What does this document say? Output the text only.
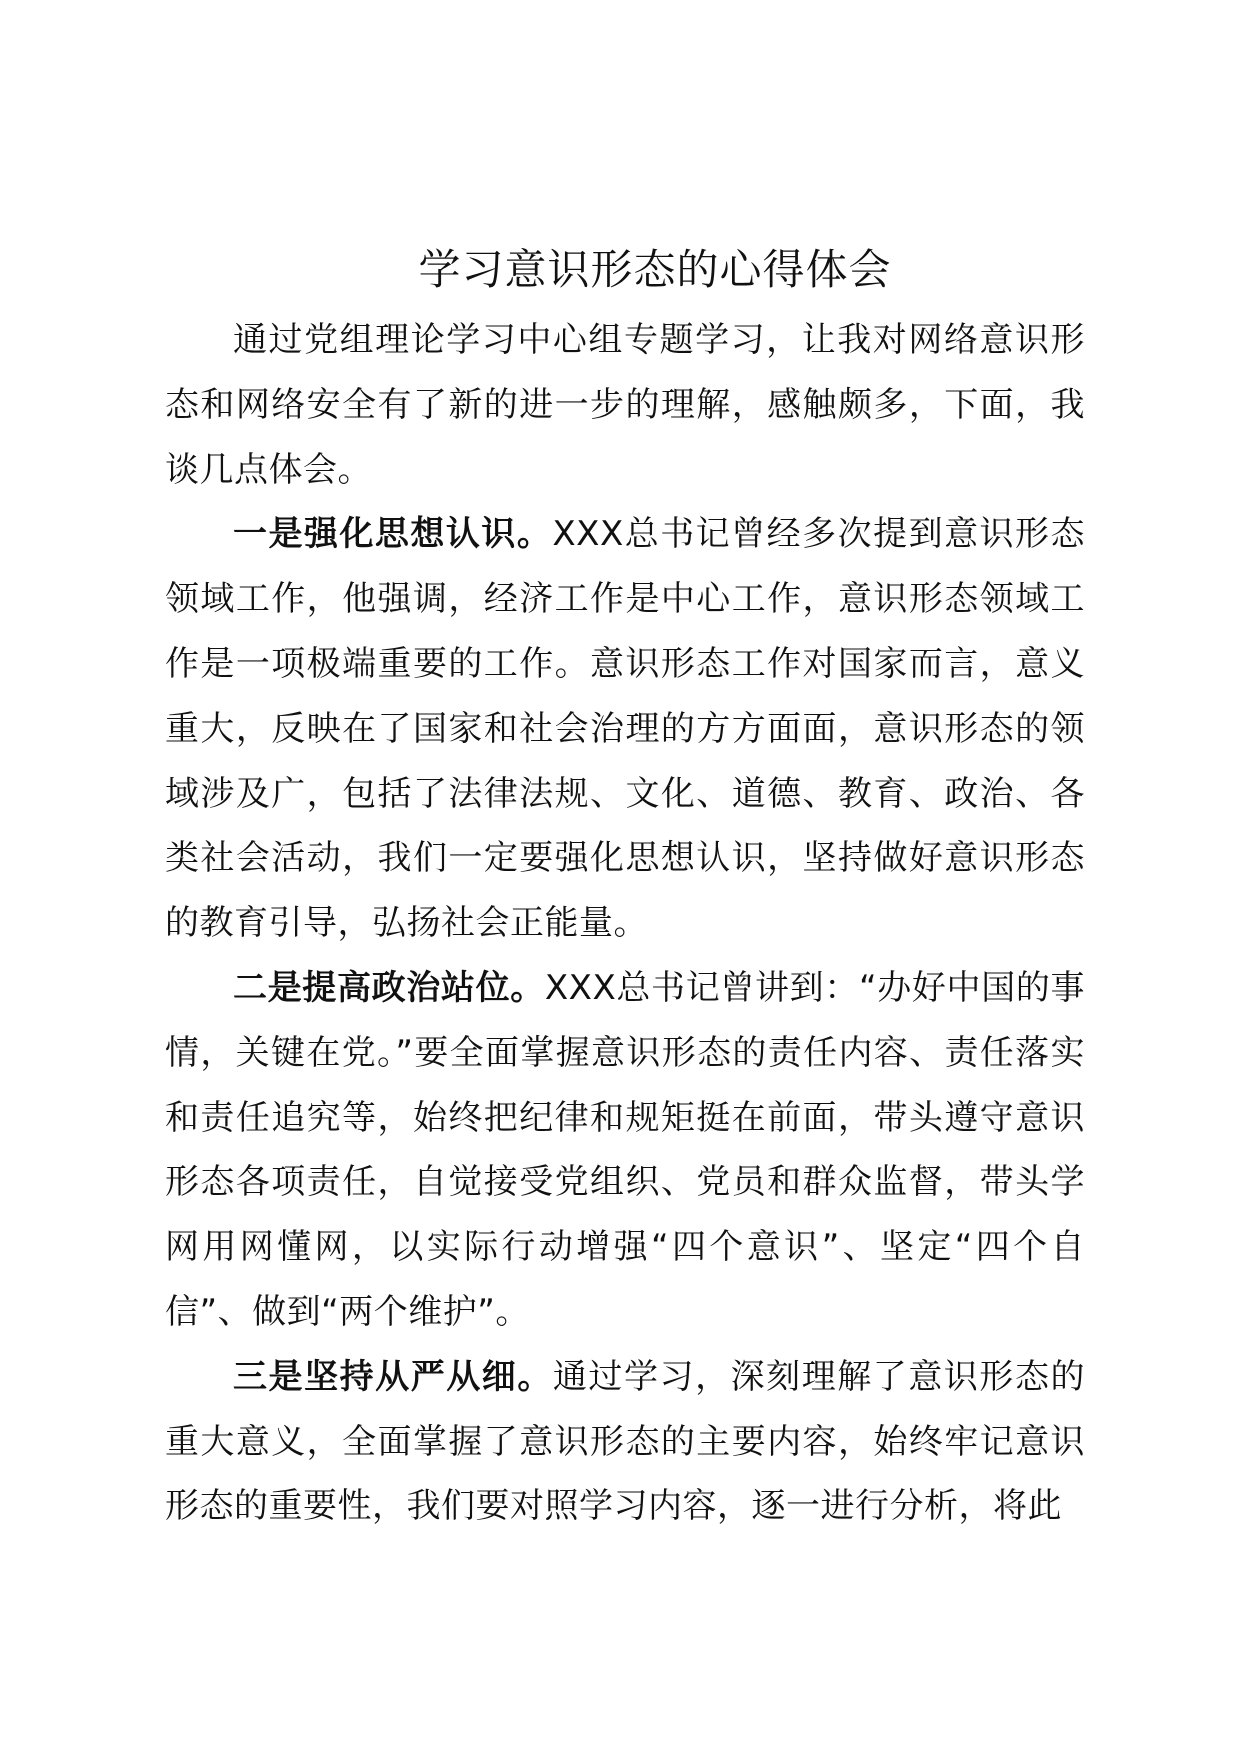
学习意识形态的心得体会

通过党组理论学习中心组专题学习，让我对网络意识形态和网络安全有了新的进一步的理解，感触颇多，下面，我谈几点体会。

一是强化思想认识。XXX总书记曾经多次提到意识形态领域工作，他强调，经济工作是中心工作，意识形态领域工作是一项极端重要的工作。意识形态工作对国家而言，意义重大，反映在了国家和社会治理的方方面面，意识形态的领域涉及广，包括了法律法规、文化、道德、教育、政治、各类社会活动，我们一定要强化思想认识，坚持做好意识形态的教育引导，弘扬社会正能量。

二是提高政治站位。XXX总书记曾讲到：“办好中国的事情，关键在党。”要全面掌握意识形态的责任内容、责任落实和责任追究等，始终把纪律和规矩挺在前面，带头遵守意识形态各项责任，自觉接受党组织、党员和群众监督，带头学网用网懂网，以实际行动增强“四个意识”、坚定“四个自信”、做到“两个维护”。

三是坚持从严从细。通过学习，深刻理解了意识形态的重大意义，全面掌握了意识形态的主要内容，始终牢记意识形态的重要性，我们要对照学习内容，逐一进行分析，将此
